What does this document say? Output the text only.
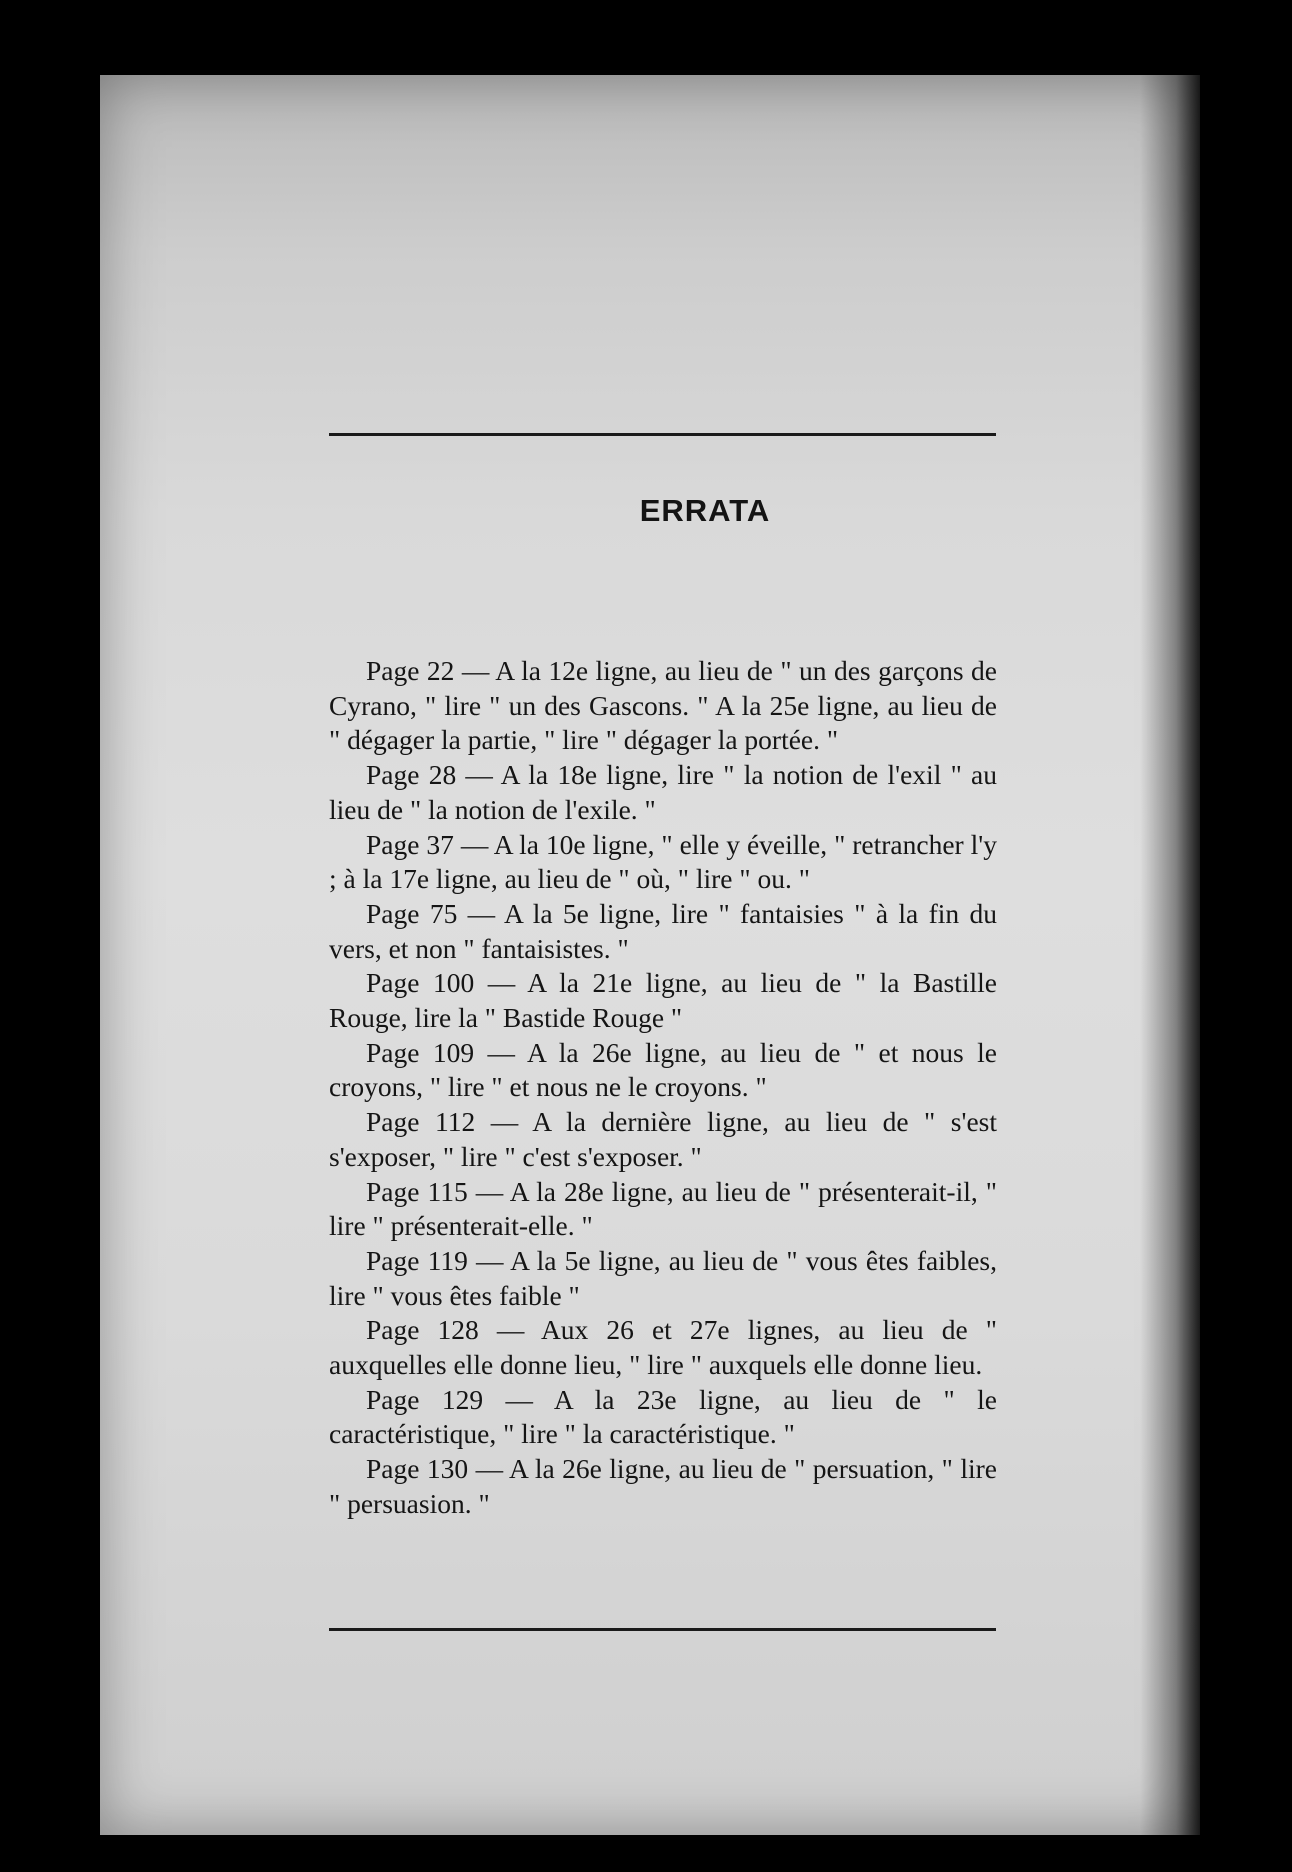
ERRATA

Page 22 — A la 12e ligne, au lieu de " un des garçons de Cyrano, " lire " un des Gascons. " A la 25e ligne, au lieu de " dégager la partie, " lire " dégager la portée. "

Page 28 — A la 18e ligne, lire " la notion de l'exil " au lieu de " la notion de l'exile. "

Page 37 — A la 10e ligne, " elle y éveille, " retrancher l'y ; à la 17e ligne, au lieu de " où, " lire " ou. "

Page 75 — A la 5e ligne, lire " fantaisies " à la fin du vers, et non " fantaisistes. "

Page 100 — A la 21e ligne, au lieu de " la Bastille Rouge, lire la " Bastide Rouge "

Page 109 — A la 26e ligne, au lieu de " et nous le croyons, " lire " et nous ne le croyons. "

Page 112 — A la dernière ligne, au lieu de " s'est s'exposer, " lire " c'est s'exposer. "

Page 115 — A la 28e ligne, au lieu de " présenterait-il, " lire " présenterait-elle. "

Page 119 — A la 5e ligne, au lieu de " vous êtes faibles, lire " vous êtes faible "

Page 128 — Aux 26 et 27e lignes, au lieu de " auxquelles elle donne lieu, " lire " auxquels elle donne lieu.

Page 129 — A la 23e ligne, au lieu de " le caractéristique, " lire " la caractéristique. "

Page 130 — A la 26e ligne, au lieu de " persuation, " lire " persuasion. "
